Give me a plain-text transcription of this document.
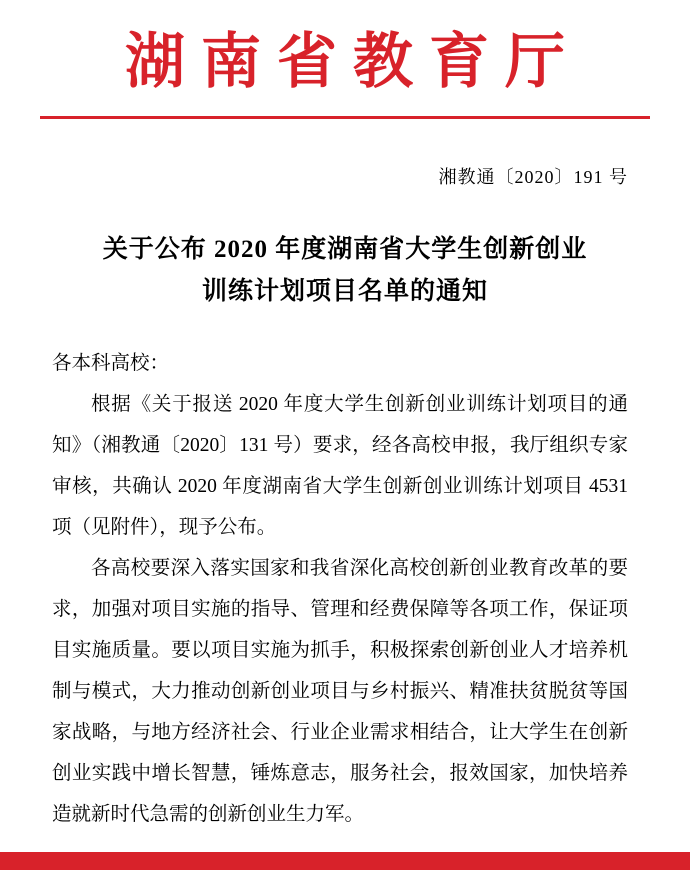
湖南省教育厅
湘教通〔2020〕191 号
关于公布 2020 年度湖南省大学生创新创业
训练计划项目名单的通知

各本科高校：

根据《关于报送 2020 年度大学生创新创业训练计划项目的通知》（湘教通〔2020〕131 号）要求，经各高校申报，我厅组织专家审核，共确认 2020 年度湖南省大学生创新创业训练计划项目 4531 项（见附件），现予公布。

各高校要深入落实国家和我省深化高校创新创业教育改革的要求，加强对项目实施的指导、管理和经费保障等各项工作，保证项目实施质量。要以项目实施为抓手，积极探索创新创业人才培养机制与模式，大力推动创新创业项目与乡村振兴、精准扶贫脱贫等国家战略，与地方经济社会、行业企业需求相结合，让大学生在创新创业实践中增长智慧，锤炼意志，服务社会，报效国家，加快培养造就新时代急需的创新创业生力军。
